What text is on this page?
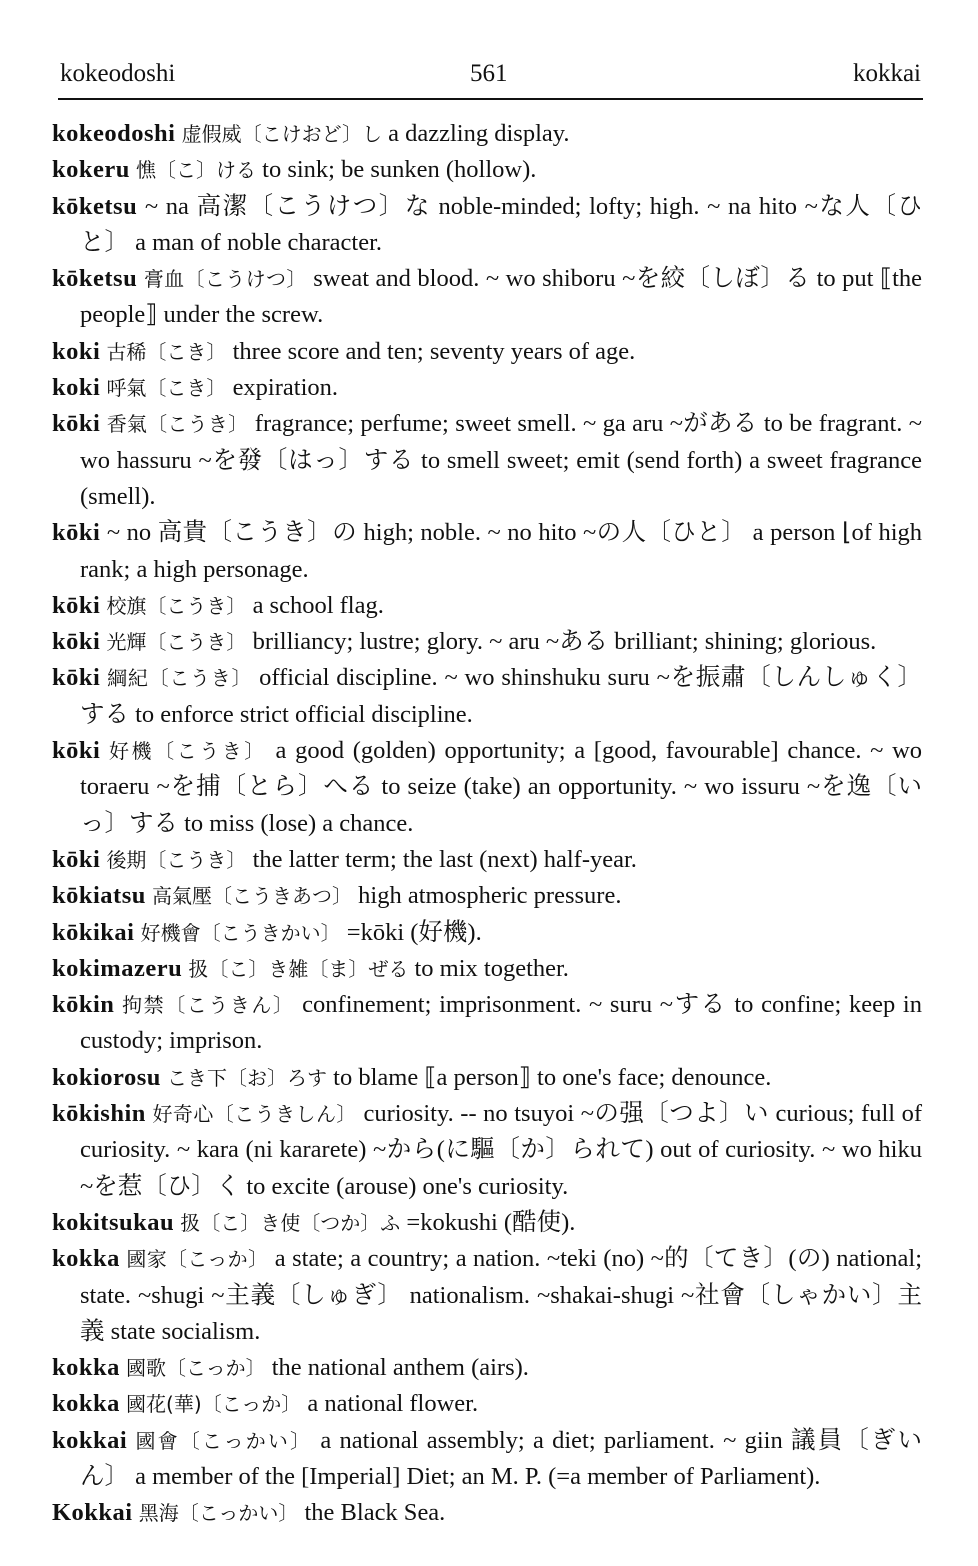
kokeodoshi	561	kokkai

kokeodoshi 虚假威〔こけおど〕し a dazzling display.

kokeru 憔〔こ〕ける to sink; be sunken (hollow).

kōketsu ~ na 高潔〔こうけつ〕な noble-minded; lofty; high. ~ na hito ~な人〔ひと〕 a man of noble character.

kōketsu 膏血〔こうけつ〕 sweat and blood. ~ wo shiboru ~を絞〔しぼ〕る to put ⟦the people⟧ under the screw.

koki 古稀〔こき〕 three score and ten; seventy years of age.

koki 呼氣〔こき〕 expiration.

kōki 香氣〔こうき〕 fragrance; perfume; sweet smell. ~ ga aru ~がある to be fragrant. ~ wo hassuru ~を發〔はっ〕する to smell sweet; emit (send forth) a sweet fragrance (smell).

kōki ~ no 高貴〔こうき〕の high; noble. ~ no hito ~の人〔ひと〕 a person ⌊of high rank; a high personage.

kōki 校旗〔こうき〕 a school flag.

kōki 光輝〔こうき〕 brilliancy; lustre; glory. ~ aru ~ある brilliant; shining; glorious.

kōki 綱紀〔こうき〕 official discipline. ~ wo shinshuku suru ~を振肅〔しんしゅく〕する to enforce strict official discipline.

kōki 好機〔こうき〕 a good (golden) opportunity; a [good, favourable] chance. ~ wo toraeru ~を捕〔とら〕へる to seize (take) an opportunity. ~ wo issuru ~を逸〔いっ〕する to miss (lose) a chance.

kōki 後期〔こうき〕 the latter term; the last (next) half-year.

kōkiatsu 高氣壓〔こうきあつ〕 high atmospheric pressure.

kōkikai 好機會〔こうきかい〕 =kōki (好機).

kokimazeru 扱〔こ〕き雑〔ま〕ぜる to mix together.

kōkin 拘禁〔こうきん〕 confinement; imprisonment. ~ suru ~する to confine; keep in custody; imprison.

kokiorosu こき下〔お〕ろす to blame ⟦a person⟧ to one's face; denounce.

kōkishin 好奇心〔こうきしん〕 curiosity. -- no tsuyoi ~の强〔つよ〕い curious; full of curiosity. ~ kara (ni kararete) ~から(に驅〔か〕られて) out of curiosity. ~ wo hiku ~を惹〔ひ〕く to excite (arouse) one's curiosity.

kokitsukau 扱〔こ〕き使〔つか〕ふ =kokushi (酷使).

kokka 國家〔こっか〕 a state; a country; a nation. ~teki (no) ~的〔てき〕(の) national; state. ~shugi ~主義〔しゅぎ〕 nationalism. ~shakai-shugi ~社會〔しゃかい〕主義 state socialism.

kokka 國歌〔こっか〕 the national anthem (airs).

kokka 國花(華)〔こっか〕 a national flower.

kokkai 國會〔こっかい〕 a national assembly; a diet; parliament. ~ giin 議員〔ぎいん〕 a member of the [Imperial] Diet; an M. P. (=a member of Parliament).

Kokkai 黑海〔こっかい〕 the Black Sea.
